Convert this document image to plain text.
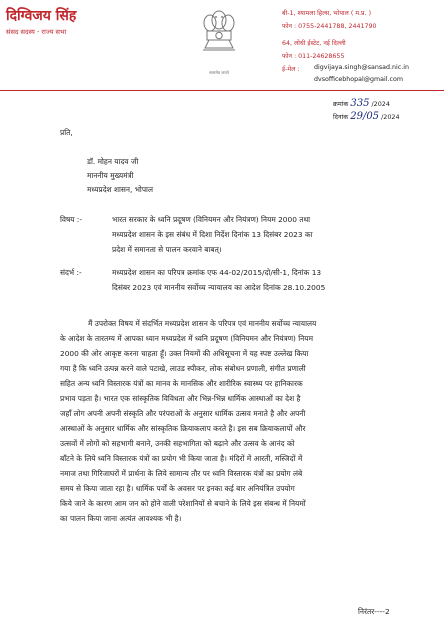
दिग्विजय सिंह
संसद सदस्य - राज्य सभा
सत्यमेव जयते
बी-1, श्यामला हिल्स, भोपाल ( म.प्र. )
फोन : 0755-2441788, 2441790
64, लोधी ईस्टेट, नई दिल्ली
फोन : 011-24628655
ई-मेल : digvijaya.singh@sansad.nic.in
dvsofficebhopal@gmail.com
क्रमांक 335 /2024
दिनांक 29/05 /2024
प्रति,
डॉ. मोहन यादव जी
माननीय मुख्यमंत्री
मध्यप्रदेश शासन, भोपाल
विषय :-	भारत सरकार के ध्वनि प्रदूषण (विनियमन और नियंत्रण) नियम 2000 तथा
मध्यप्रदेश शासन के इस संबंध में दिशा निर्देश दिनांक 13 दिसंबर 2023 का
प्रदेश में समानता से पालन करवाने बाबत्।
संदर्भ :-	मध्यप्रदेश शासन का परिपत्र क्रमांक एफ 44-02/2015/दो/सी-1, दिनांक 13
दिसंबर 2023 एवं माननीय सर्वोच्च न्यायालय का आदेश दिनांक 28.10.2005
मैं उपरोक्त विषय में संदर्भित मध्यप्रदेश शासन के परिपत्र एवं माननीय सर्वोच्च न्यायालय
के आदेश के तारतम्य में आपका ध्यान मध्यप्रदेश में ध्वनि प्रदूषण (विनियमन और नियंत्रण) नियम
2000 की ओर आकृष्ट करना चाहता हूँ। उक्त नियमों की अधिसूचना में यह स्पष्ट उल्लेख किया
गया है कि ध्वनि उत्पन्न करने वाले पटाखे, लाउड स्पीकर, लोक संबोधन प्रणाली, संगीत प्रणाली
सहित अन्य ध्वनि विस्तारक यंत्रों का मानव के मानसिक और शारीरिक स्वास्थ्य पर हानिकारक
प्रभाव पड़ता है। भारत एक सांस्कृतिक विविधता और भिन्न-भिन्न धार्मिक आस्थाओं का देश है
जहाँ लोग अपनी अपनी संस्कृति और परंपराओं के अनुसार धार्मिक उत्सव मनाते है और अपनी
आस्थाओं के अनुसार धार्मिक और सांस्कृतिक क्रियाकलाप करते है। इस सब क्रियाकलापों और
उत्सवों में लोगों को सहभागी बनाने, उनकी सहभागिता को बढ़ाने और उत्सव के आनंद को
बाँटने के लिये ध्वनि विस्तारक यंत्रों का प्रयोग भी किया जाता है। मंदिरों में आरती, मस्जिदों में
नमाज तथा गिरिजाघरों में प्रार्थना के लिये सामान्य तौर पर ध्वनि विस्तारक यंत्रों का प्रयोग लंबे
समय से किया जाता रहा है। धार्मिक पर्वों के अवसर पर इनका कई बार अनियंत्रित उपयोग
किये जाने के कारण आम जन को होने वाली परेशानियों से बचाने के लिये इस संबन्ध में नियमों
का पालन किया जाना अत्यंत आवश्यक भी है।
निरंतर----2
